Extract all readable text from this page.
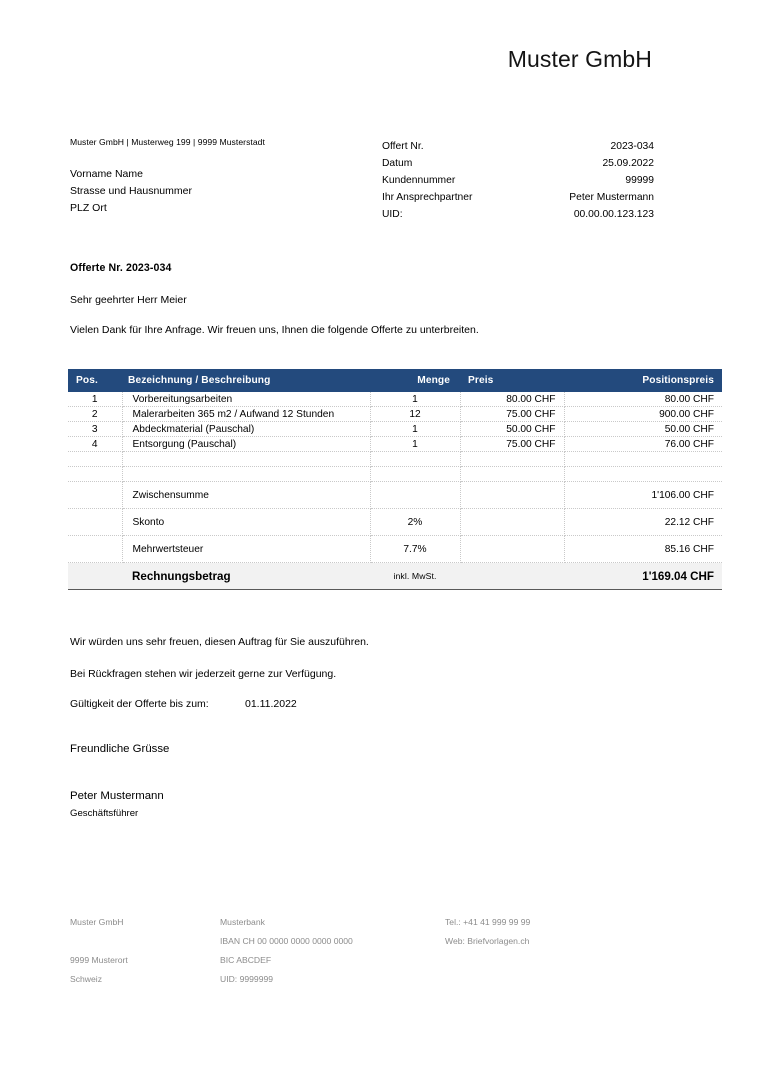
Muster GmbH
Muster GmbH | Musterweg 199 | 9999 Musterstadt
Vorname Name
Strasse und Hausnummer
PLZ Ort
Offert Nr.	2023-034
Datum	25.09.2022
Kundennummer	99999
Ihr Ansprechpartner	Peter Mustermann
UID:	00.00.00.123.123
Offerte Nr. 2023-034
Sehr geehrter Herr Meier
Vielen Dank für Ihre Anfrage. Wir freuen uns, Ihnen die folgende Offerte zu unterbreiten.
Pos.	Bezeichnung / Beschreibung	Menge	Preis	Positionspreis
1	Vorbereitungsarbeiten	1	80.00 CHF	80.00 CHF
2	Malerarbeiten 365 m2 / Aufwand 12 Stunden	12	75.00 CHF	900.00 CHF
3	Abdeckmaterial (Pauschal)	1	50.00 CHF	50.00 CHF
4	Entsorgung (Pauschal)	1	75.00 CHF	76.00 CHF

	Zwischensumme			1'106.00 CHF
	Skonto	2%		22.12 CHF
	Mehrwertsteuer	7.7%		85.16 CHF
	Rechnungsbetrag	inkl. MwSt.		1'169.04 CHF
Wir würden uns sehr freuen, diesen Auftrag für Sie auszuführen.
Bei Rückfragen stehen wir jederzeit gerne zur Verfügung.
Gültigkeit der Offerte bis zum:	01.11.2022
Freundliche Grüsse
Peter Mustermann
Geschäftsführer
Muster GmbH
9999 Musterort
Schweiz
Musterbank
IBAN CH 00 0000 0000 0000 0000
BIC ABCDEF
UID: 9999999
Tel.: +41 41 999 99 99
Web: Briefvorlagen.ch
